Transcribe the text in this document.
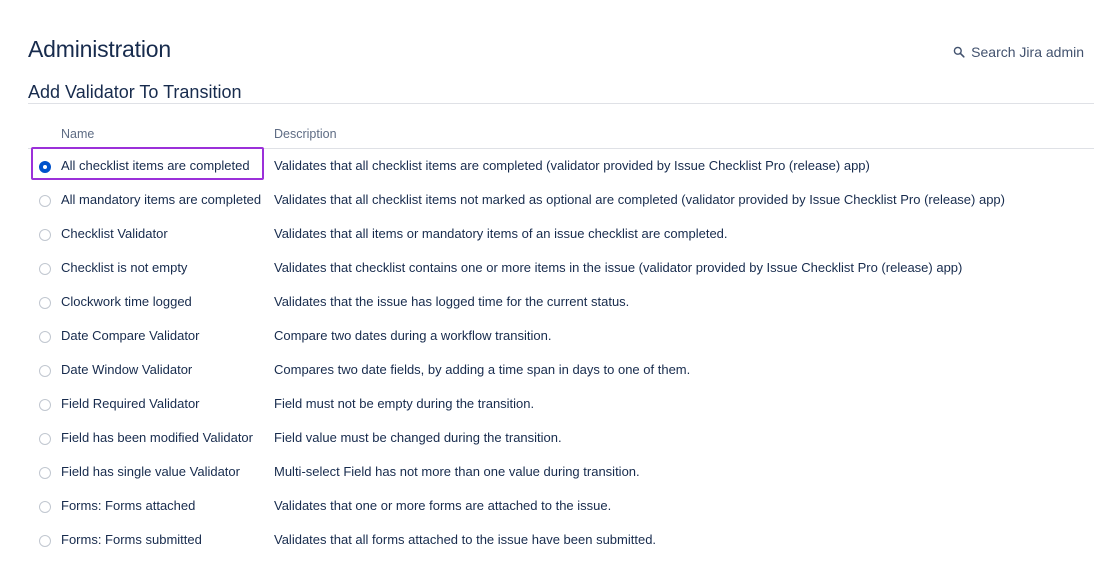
Administration	Search Jira admin
Add Validator To Transition
	Name	Description

	All checklist items are completed	Validates that all checklist items are completed (validator provided by Issue Checklist Pro (release) app)

	All mandatory items are completed	Validates that all checklist items not marked as optional are completed (validator provided by Issue Checklist Pro (release) app)

	Checklist Validator	Validates that all items or mandatory items of an issue checklist are completed.

	Checklist is not empty	Validates that checklist contains one or more items in the issue (validator provided by Issue Checklist Pro (release) app)

	Clockwork time logged	Validates that the issue has logged time for the current status.

	Date Compare Validator	Compare two dates during a workflow transition.

	Date Window Validator	Compares two date fields, by adding a time span in days to one of them.

	Field Required Validator	Field must not be empty during the transition.

	Field has been modified Validator	Field value must be changed during the transition.

	Field has single value Validator	Multi-select Field has not more than one value during transition.

	Forms: Forms attached	Validates that one or more forms are attached to the issue.

	Forms: Forms submitted	Validates that all forms attached to the issue have been submitted.
